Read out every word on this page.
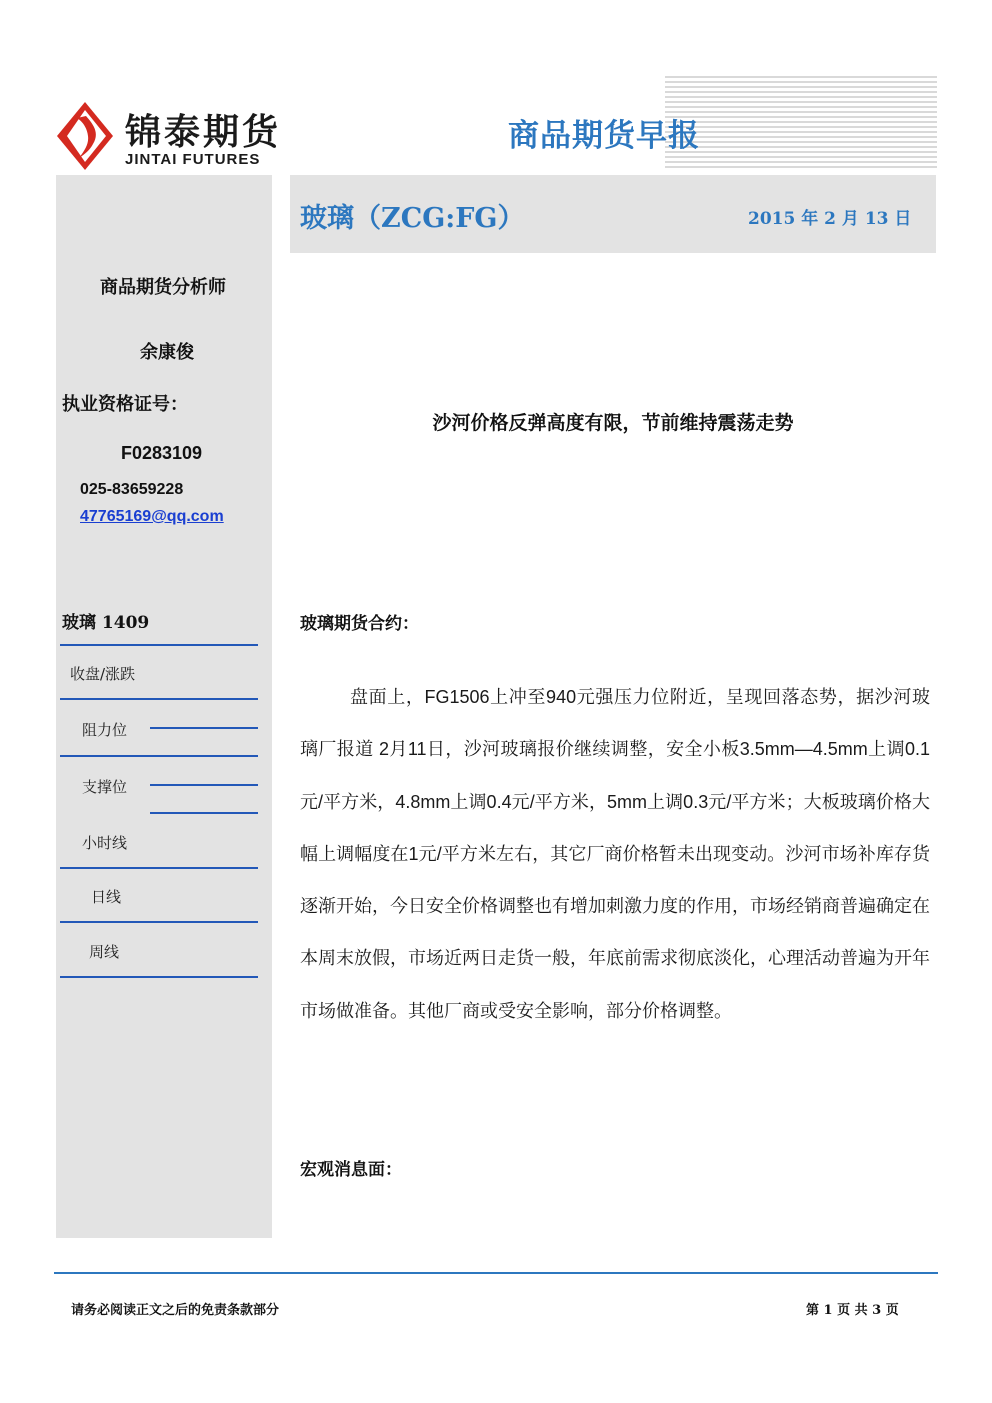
锦泰期货
JINTAI FUTURES
商品期货早报
玻璃（ZCG:FG）	2015 年 2 月 13 日
商品期货分析师
余康俊
执业资格证号：
F0283109
025-83659228
47765169@qq.com
玻璃 1409
收盘/涨跌
阻力位
支撑位
小时线
日线
周线
沙河价格反弹高度有限，节前维持震荡走势
玻璃期货合约：

盘面上，FG1506上冲至940元强压力位附近，呈现回落态势，据沙河玻璃厂报道 2月11日，沙河玻璃报价继续调整，安全小板3.5mm—4.5mm上调0.1元/平方米，4.8mm上调0.4元/平方米，5mm上调0.3元/平方米；大板玻璃价格大幅上调幅度在1元/平方米左右，其它厂商价格暂未出现变动。沙河市场补库存货逐渐开始，今日安全价格调整也有增加刺激力度的作用，市场经销商普遍确定在本周末放假，市场近两日走货一般，年底前需求彻底淡化，心理活动普遍为开年市场做准备。其他厂商或受安全影响，部分价格调整。

宏观消息面：
请务必阅读正文之后的免责条款部分	第 1 页 共 3 页
